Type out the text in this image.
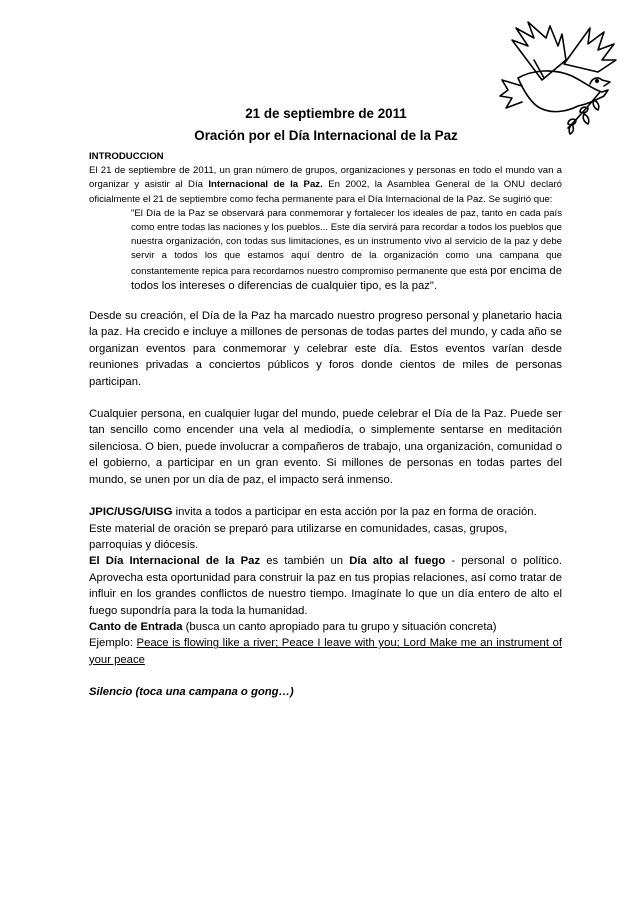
21 de septiembre de 2011
Oración por el Día Internacional de la Paz

INTRODUCCION

El 21 de septiembre de 2011, un gran número de grupos, organizaciones y personas en todo el mundo van a organizar y asistir al Día Internacional de la Paz. En 2002, la Asamblea General de la ONU declaró oficialmente el 21 de septiembre como fecha permanente para el Día Internacional de la Paz. Se sugirió que:

"El Día de la Paz se observará para conmemorar y fortalecer los ideales de paz, tanto en cada país como entre todas las naciones y los pueblos... Este día servirá para recordar a todos los pueblos que nuestra organización, con todas sus limitaciones, es un instrumento vivo al servicio de la paz y debe servir a todos los que estamos aquí dentro de la organización como una campana que constantemente repica para recordarnos nuestro compromiso permanente que está por encima de todos los intereses o diferencias de cualquier tipo, es la paz".

Desde su creación, el Día de la Paz ha marcado nuestro progreso personal y planetario hacia la paz. Ha crecido e incluye a millones de personas de todas partes del mundo, y cada año se organizan eventos para conmemorar y celebrar este día. Estos eventos varían desde reuniones privadas a conciertos públicos y foros donde cientos de miles de personas participan.

Cualquier persona, en cualquier lugar del mundo, puede celebrar el Día de la Paz. Puede ser tan sencillo como encender una vela al mediodía, o simplemente sentarse en meditación silenciosa. O bien, puede involucrar a compañeros de trabajo, una organización, comunidad o el gobierno, a participar en un gran evento. Si millones de personas en todas partes del mundo, se unen por un día de paz, el impacto será inmenso.

JPIC/USG/UISG invita a todos a participar en esta acción por la paz en forma de oración.

Este material de oración se preparó para utilizarse en comunidades, casas, grupos, parroquias y diócesis.

El Día Internacional de la Paz es también un Día alto al fuego - personal o político. Aprovecha esta oportunidad para construir la paz en tus propias relaciones, así como tratar de influir en los grandes conflictos de nuestro tiempo. Imagínate lo que un día entero de alto el fuego supondría para la toda la humanidad.

Canto de Entrada (busca un canto apropiado para tu grupo y situación concreta)

Ejemplo: Peace is flowing like a river; Peace I leave with you; Lord Make me an instrument of your peace

Silencio (toca una campana o gong…)
